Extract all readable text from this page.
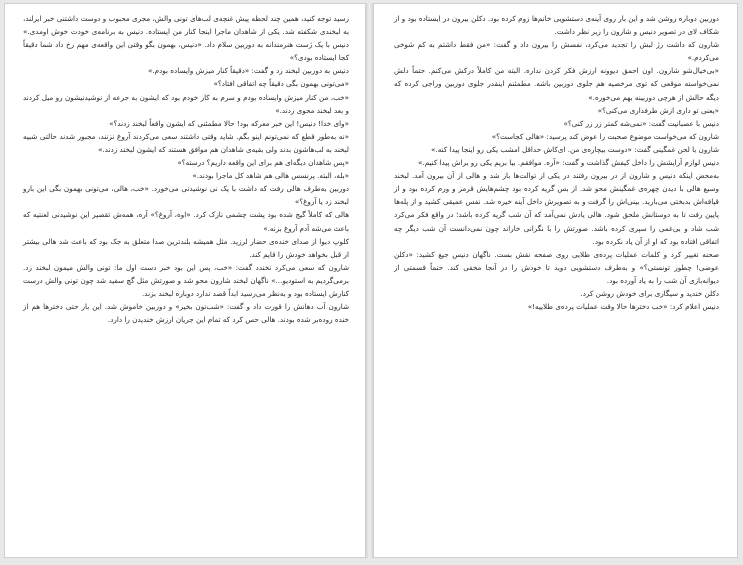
رسید توجه کنید، همین چند لحظه پیش غنچه‌ی لب‌های تونی والش، مجری محبوب و دوست داشتنی خبر ایرلند، به لبخندی شکفته شد. یکی از شاهدان ماجرا اینجا کنار من ایستاده. دنیس به برنامه‌ی خودت خوش اومدی.» دنیس با یک ژست هنرمندانه به دوربین سلام داد. «دنیس، بهمون بگو وقتی این واقعه‌ی مهم رخ داد شما دقیقاً کجا ایستاده بودی؟»

دنیس به دوربین لبخند زد و گفت: «دقیقاً کنار میزش وایساده بودم.»

«می‌تونی بهمون بگی دقیقاً چه اتفاقی افتاد؟»

«خب، من کنار میزش وایساده بودم و سرم به کار خودم بود که ایشون به جرعه از نوشیدنیشون رو میل کردند و بعد لبخند محوی زدند.»

«وای خدا! دنیس! این خبر معرکه بود! حالا مطمئنی که ایشون واقعاً لبخند زدند؟»

«نه به‌طور قطع که نمی‌تونم اینو بگم. شاید وقتی داشتند سعی می‌کردند آروغ نزنند، مجبور شدند حالتی شبیه لبخند به لب‌هاشون بدند ولی بقیه‌ی شاهدان هم موافق هستند که ایشون لبخند زدند.»

«پس شاهدان دیگه‌ای هم برای این واقعه داریم؟ درسته؟»

«بله، البته. پرنسس هالی هم شاهد کل ماجرا بودند.»

دوربین به‌طرف هالی رفت که داشت با یک نی نوشیدنی می‌خورد. «خب، هالی، می‌تونی بهمون بگی این بارو لبخند زد یا آروغ؟»

هالی که کاملاً گیج شده بود پشت چشمی نازک کرد. «اوه، آروغ؟» آره، همه‌ش تقصیر این نوشیدنی لعنتیه که باعث می‌شه آدم آروغ بزنه.»

کلوپ دیوا از صدای خنده‌ی حضار لرزید. مثل همیشه بلندترین صدا متعلق به جک بود که باعث شد هالی بیشتر از قبل بخواهد خودش را قایم کند.

شارون که سعی می‌کرد نخندد گفت: «خب، پس این بود خبر دست اول ما: تونی والش میمون لبخند زد. برمی‌گردیم به استودیو...» ناگهان لبخند شارون محو شد و صورتش مثل گچ سفید شد چون تونی والش درست کنارش ایستاده بود و به‌نظر می‌رسید ابداً قصد ندارد دوباره لبخند بزند.

شارون آب دهانش را قورت داد و گفت: «شب‌تون بخیر» و دوربین خاموش شد. این بار حتی دخترها هم از خنده روده‌بر شده بودند. هالی حس کرد که تمام این جریان ارزش خندیدن را دارد.

دوربین دوباره روشن شد و این بار روی آینه‌ی دستشویی خانم‌ها زوم کرده بود. دکلن بیرون در ایستاده بود و از شکاف لای در تصویر دنیس و شارون را زیر نظر داشت.

شارون که داشت رژ لبش را تجدید می‌کرد، نفسش را بیرون داد و گفت: «من فقط داشتم به کم شوخی می‌کردم.»

«بی‌خیال‌شو شارون. اون احمق دیوونه ارزش فکر کردن نداره. البته من کاملاً درکش می‌کنم. حتماً دلش نمی‌خواسته موقعی که توی مرخصیه هم جلوی دوربین باشه. مطمئنم اینقدر جلوی دوربین وراجی کرده که دیگه حالش از هرچی دوربینه بهم می‌خوره.»

«یعنی تو داری ازش طرفداری می‌کنی؟»

دنیس با عصبانیت گفت: «نمی‌شه کمتر زر زر کنی؟»

شارون که می‌خواست موضوع صحبت را عوض کند پرسید: «هالی کجاست؟»

شارون با لحن غمگینی گفت: «دوست بیچاره‌ی من. ای‌کاش حداقل امشب یکی رو اینجا پیدا کنه.»

دنیس لوازم آرایشش را داخل کیفش گذاشت و گفت: «آره. موافقم. بیا بریم یکی رو براش پیدا کنیم.»

به‌محض اینکه دنیس و شارون از در بیرون رفتند در یکی از توالت‌ها باز شد و هالی از آن بیرون آمد. لبخند وسیع هالی با دیدن چهره‌ی غمگینش محو شد. از بس گریه کرده بود چشم‌هایش قرمز و ورم کرده بود و از قیافه‌اش بدبختی می‌بارید. بینی‌اش را گرفت و به تصویرش داخل آینه خیره شد. نفس عمیقی کشید و از پله‌ها پایین رفت تا به دوستانش ملحق شود. هالی یادش نمی‌آمد که آن شب گریه کرده باشد؛ در واقع فکر می‌کرد شب شاد و بی‌غمی را سپری کرده باشد. صورتش را با نگرانی خاراند چون نمی‌دانست آن شب دیگر چه اتفاقی افتاده بود که او از آن یاد نکرده بود.

صحنه تغییر کرد و کلمات عملیات پرده‌ی طلایی روی صفحه نقش بست. ناگهان دنیس جیغ کشید: «دکلن عوضی! چطور تونستی؟» و به‌طرف دستشویی دوید تا خودش را در آنجا مخفی کند. حتماً قسمتی از دیوانه‌بازی آن شب را به یاد آورده بود.

دکلن خندید و سیگاری برای خودش روشن کرد.

دنیس اعلام کرد: «خب دخترها حالا وقت عملیات پرده‌ی طلاییه!»
